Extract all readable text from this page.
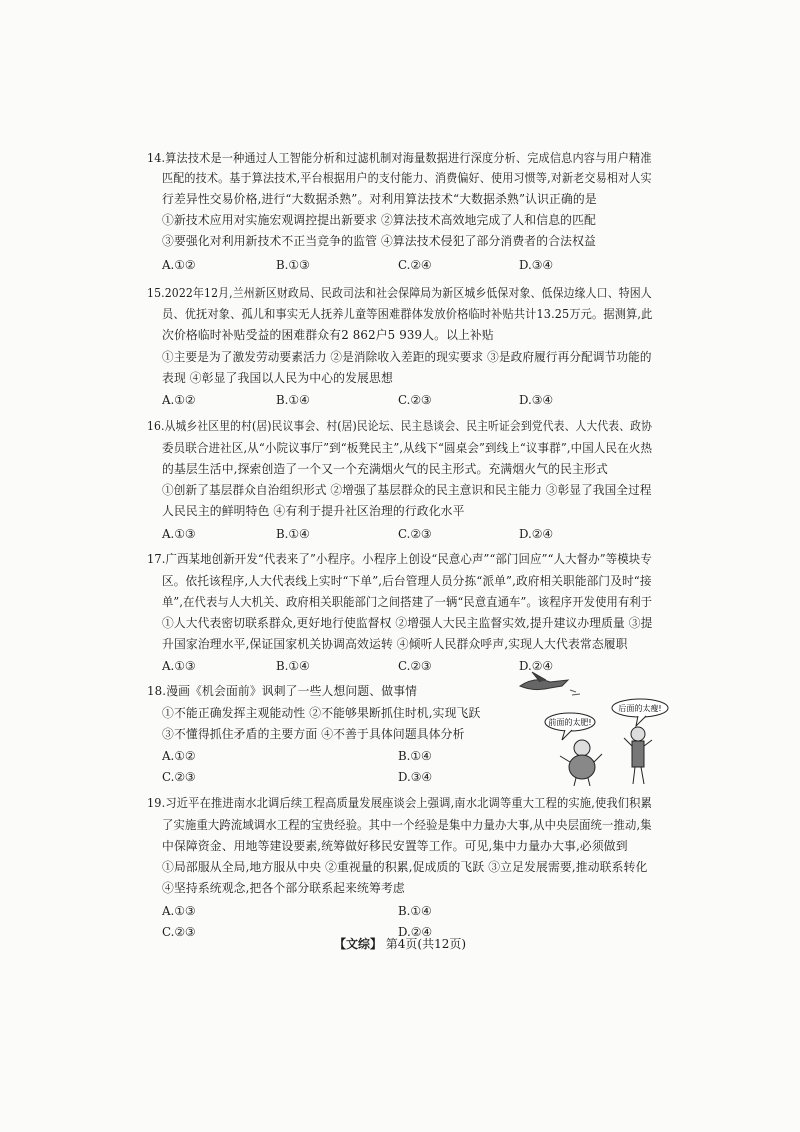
14.算法技术是一种通过人工智能分析和过滤机制对海量数据进行深度分析、完成信息内容与用户精准
匹配的技术。基于算法技术,平台根据用户的支付能力、消费偏好、使用习惯等,对新老交易相对人实
行差异性交易价格,进行“大数据杀熟”。对利用算法技术“大数据杀熟”认识正确的是
①新技术应用对实施宏观调控提出新要求 ②算法技术高效地完成了人和信息的匹配
③要强化对利用新技术不正当竞争的监管 ④算法技术侵犯了部分消费者的合法权益
A.①②	B.①③	C.②④	D.③④
15.2022年12月,兰州新区财政局、民政司法和社会保障局为新区城乡低保对象、低保边缘人口、特困人
员、优抚对象、孤儿和事实无人抚养儿童等困难群体发放价格临时补贴共计13.25万元。据测算,此
次价格临时补贴受益的困难群众有2 862户5 939人。以上补贴
①主要是为了激发劳动要素活力 ②是消除收入差距的现实要求 ③是政府履行再分配调节功能的
表现 ④彰显了我国以人民为中心的发展思想
A.①②	B.①④	C.②③	D.③④
16.从城乡社区里的村(居)民议事会、村(居)民论坛、民主恳谈会、民主听证会到党代表、人大代表、政协
委员联合进社区,从“小院议事厅”到“板凳民主”,从线下“圆桌会”到线上“议事群”,中国人民在火热
的基层生活中,探索创造了一个又一个充满烟火气的民主形式。充满烟火气的民主形式
①创新了基层群众自治组织形式 ②增强了基层群众的民主意识和民主能力 ③彰显了我国全过程
人民民主的鲜明特色 ④有利于提升社区治理的行政化水平
A.①③	B.①④	C.②③	D.②④
17.广西某地创新开发“代表来了”小程序。小程序上创设“民意心声”“部门回应”“人大督办”等模块专
区。依托该程序,人大代表线上实时“下单”,后台管理人员分拣“派单”,政府相关职能部门及时“接
单”,在代表与人大机关、政府相关职能部门之间搭建了一辆“民意直通车”。该程序开发使用有利于
①人大代表密切联系群众,更好地行使监督权 ②增强人大民主监督实效,提升建议办理质量 ③提
升国家治理水平,保证国家机关协调高效运转 ④倾听人民群众呼声,实现人大代表常态履职
A.①③	B.①④	C.②③	D.②④
18.漫画《机会面前》讽刺了一些人想问题、做事情
①不能正确发挥主观能动性 ②不能够果断抓住时机,实现飞跃
③不懂得抓住矛盾的主要方面 ④不善于具体问题具体分析
A.①②	B.①④
C.②③	D.③④
前面的太肥!
后面的太瘦!
19.习近平在推进南水北调后续工程高质量发展座谈会上强调,南水北调等重大工程的实施,使我们积累
了实施重大跨流域调水工程的宝贵经验。其中一个经验是集中力量办大事,从中央层面统一推动,集
中保障资金、用地等建设要素,统筹做好移民安置等工作。可见,集中力量办大事,必须做到
①局部服从全局,地方服从中央 ②重视量的积累,促成质的飞跃 ③立足发展需要,推动联系转化
④坚持系统观念,把各个部分联系起来统筹考虑
A.①③	B.①④
C.②③	D.②④
【文综】 第4页(共12页)
